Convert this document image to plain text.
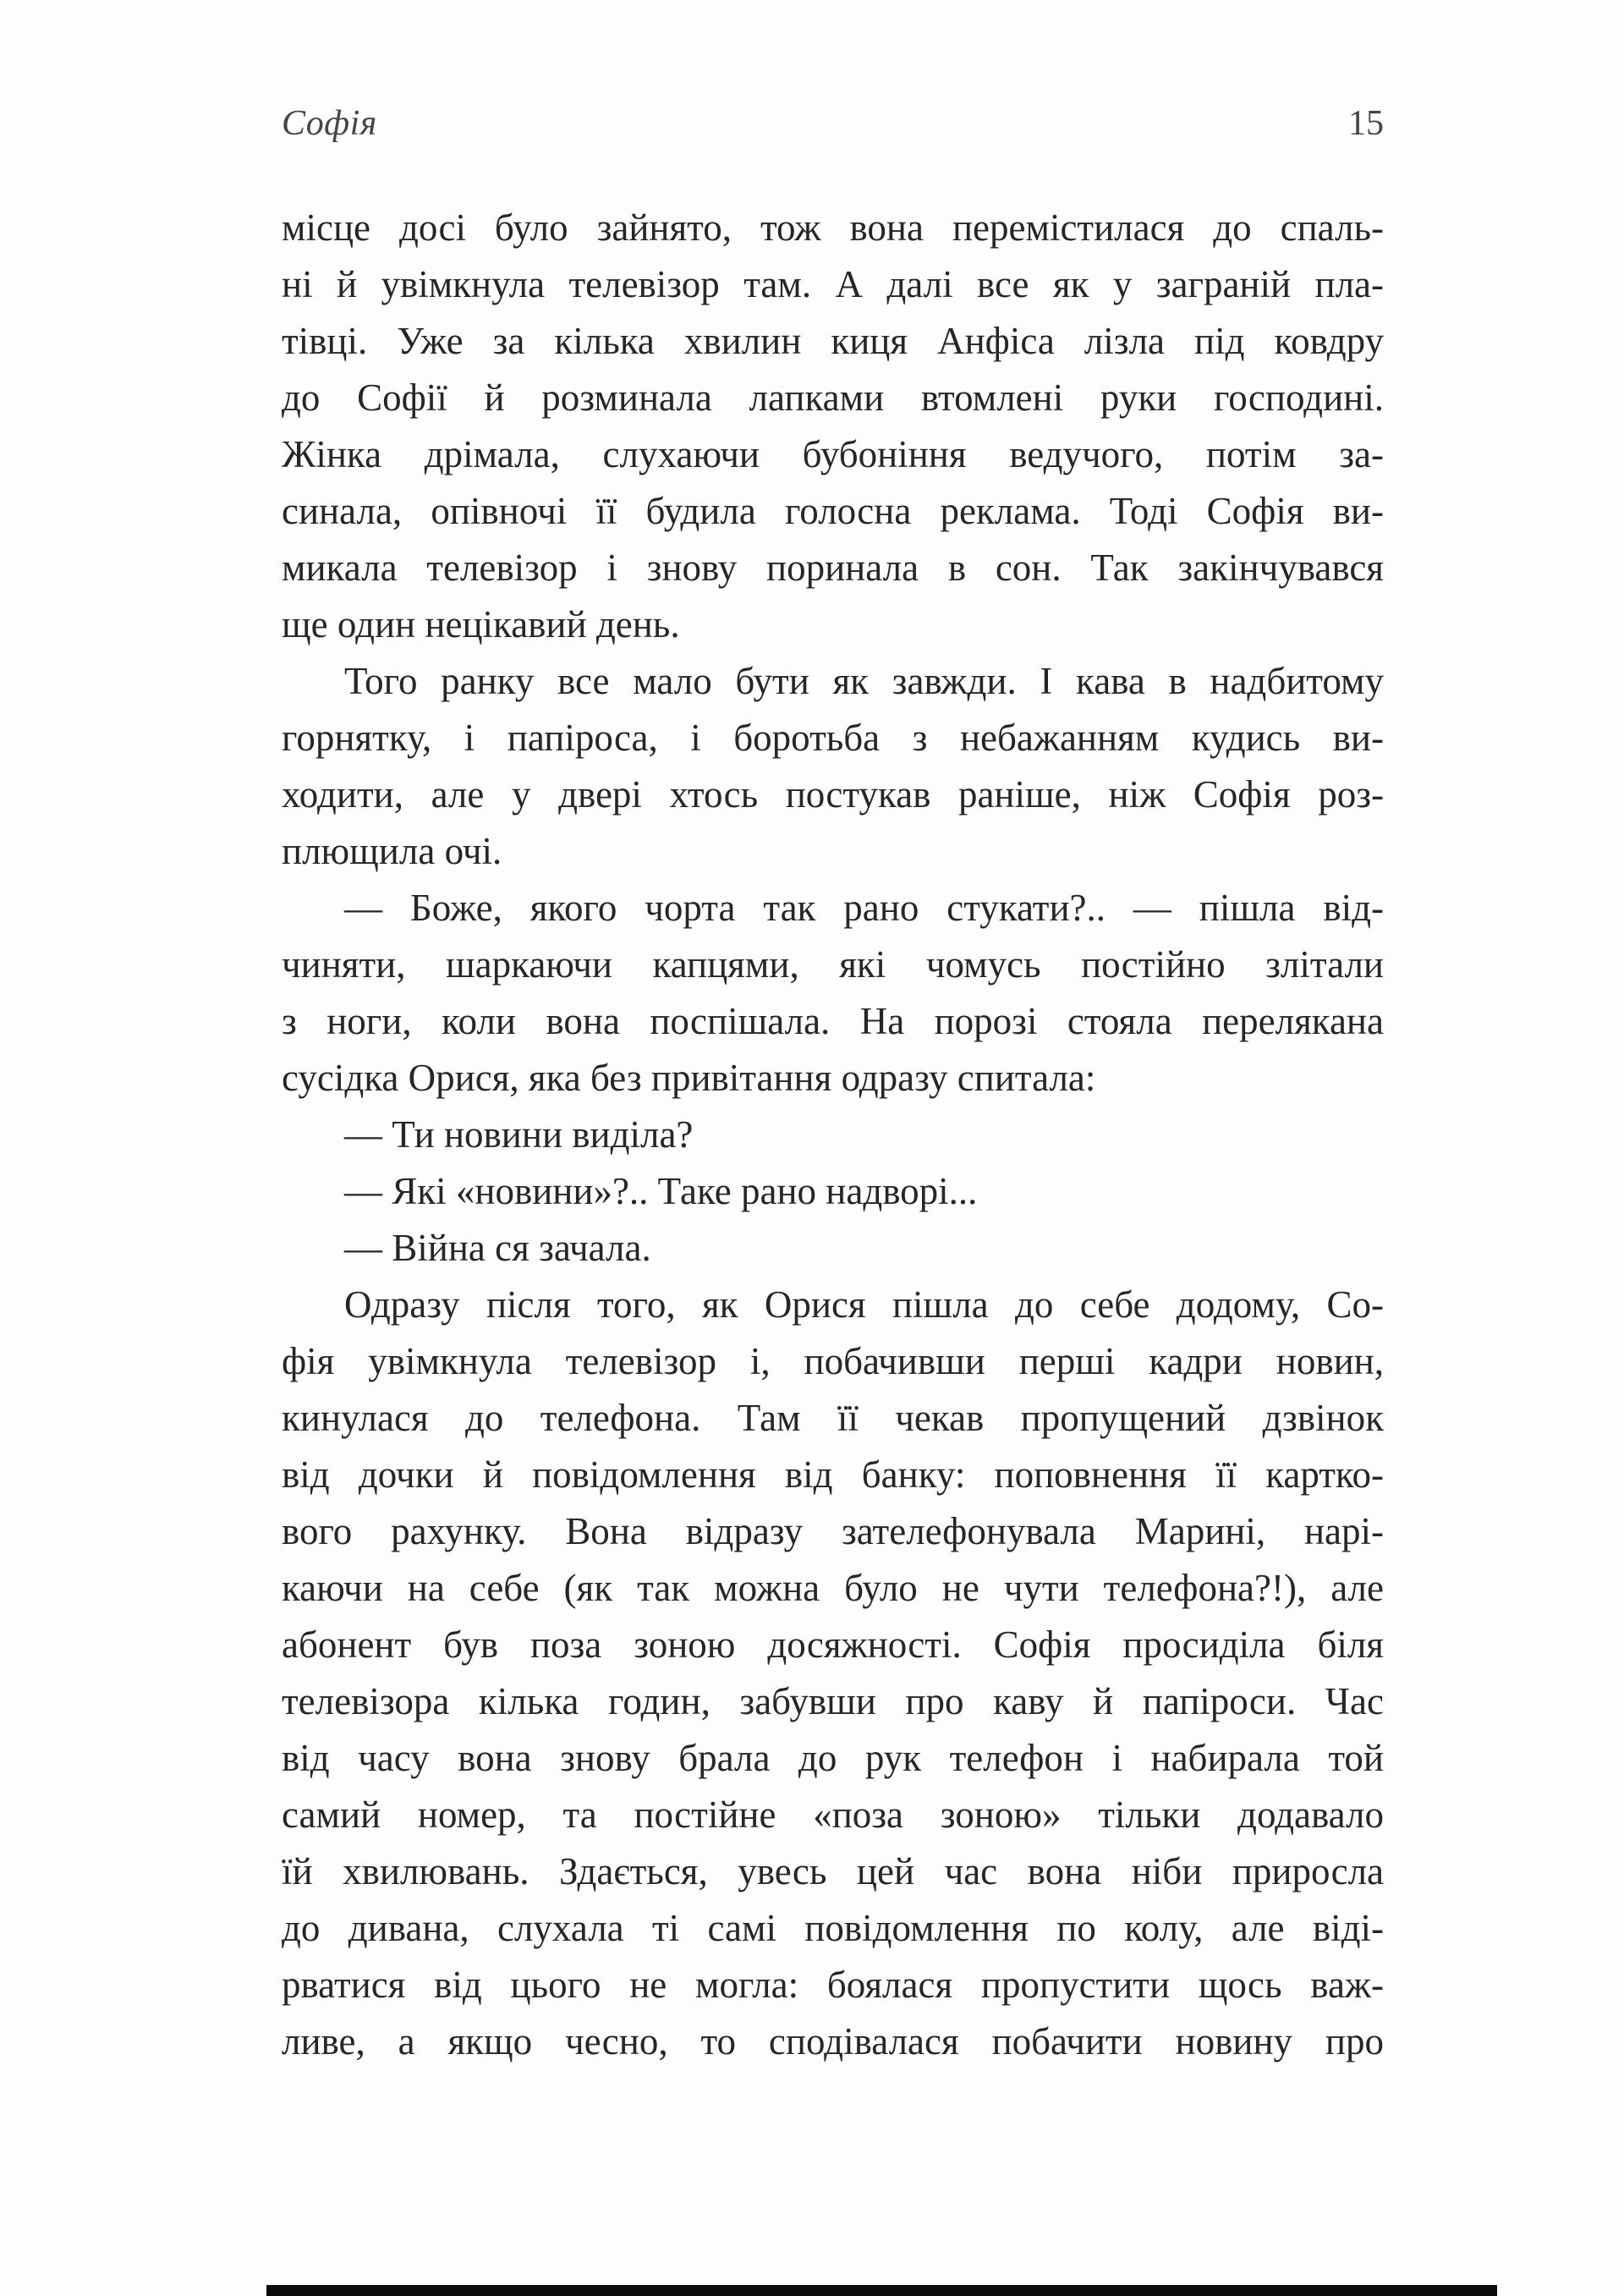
Софія	15
місце досі було зайнято, тож вона перемістилася до спаль-
ні й увімкнула телевізор там. А далі все як у заграній пла-
тівці. Уже за кілька хвилин киця Анфіса лізла під ковдру
до Софії й розминала лапками втомлені руки господині.
Жінка дрімала, слухаючи бубоніння ведучого, потім за-
синала, опівночі її будила голосна реклама. Тоді Софія ви-
микала телевізор і знову поринала в сон. Так закінчувався
ще один нецікавий день.
Того ранку все мало бути як завжди. І кава в надбитому
горнятку, і папіроса, і боротьба з небажанням кудись ви-
ходити, але у двері хтось постукав раніше, ніж Софія роз-
плющила очі.
— Боже, якого чорта так рано стукати?.. — пішла від-
чиняти, шаркаючи капцями, які чомусь постійно злітали
з ноги, коли вона поспішала. На порозі стояла перелякана
сусідка Орися, яка без привітання одразу спитала:
— Ти новини виділа?
— Які «новини»?.. Таке рано надворі...
— Війна ся зачала.
Одразу після того, як Орися пішла до себе додому, Со-
фія увімкнула телевізор і, побачивши перші кадри новин,
кинулася до телефона. Там її чекав пропущений дзвінок
від дочки й повідомлення від банку: поповнення її картко-
вого рахунку. Вона відразу зателефонувала Марині, нарі-
каючи на себе (як так можна було не чути телефона?!), але
абонент був поза зоною досяжності. Софія просиділа біля
телевізора кілька годин, забувши про каву й папіроси. Час
від часу вона знову брала до рук телефон і набирала той
самий номер, та постійне «поза зоною» тільки додавало
їй хвилювань. Здається, увесь цей час вона ніби приросла
до дивана, слухала ті самі повідомлення по колу, але віді-
рватися від цього не могла: боялася пропустити щось важ-
ливе, а якщо чесно, то сподівалася побачити новину про
